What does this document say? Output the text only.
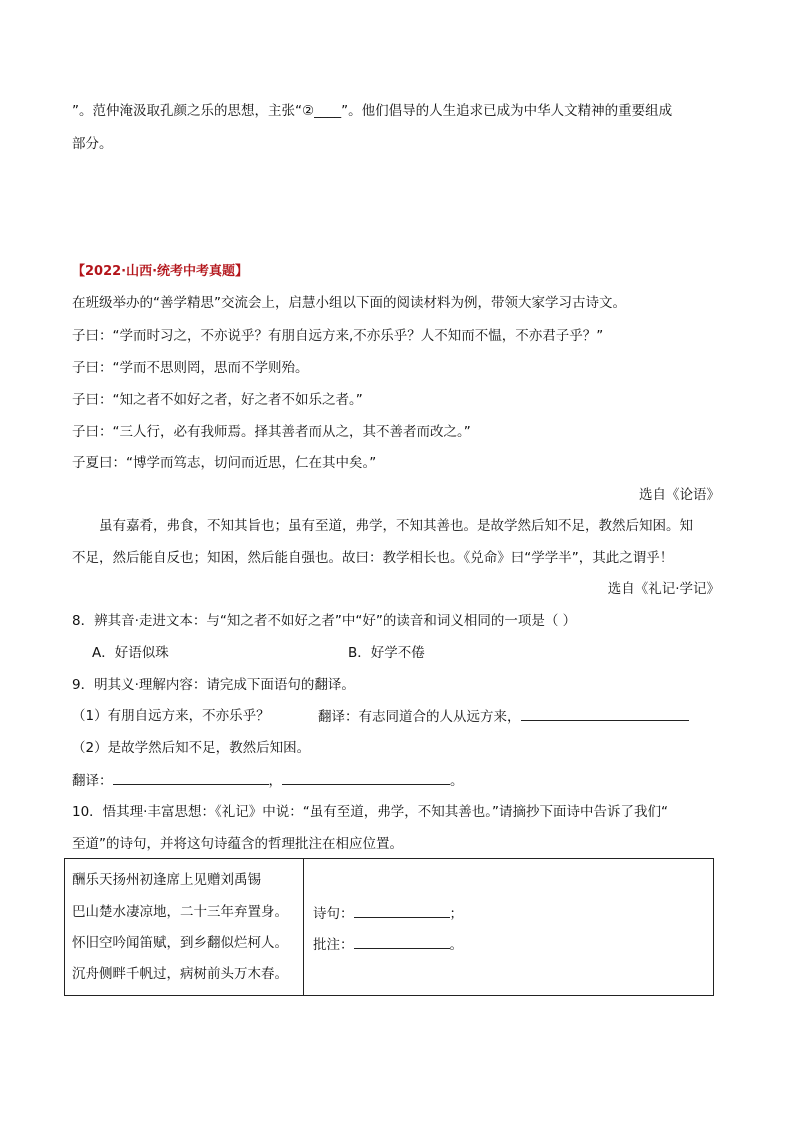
”。范仲淹汲取孔颜之乐的思想，主张“②____”。他们倡导的人生追求已成为中华人文精神的重要组成
部分。
【2022·山西·统考中考真题】
在班级举办的“善学精思”交流会上，启慧小组以下面的阅读材料为例，带领大家学习古诗文。
子曰：“学而时习之，不亦说乎？有朋自远方来,不亦乐乎？人不知而不愠，不亦君子乎？”
子曰：“学而不思则罔，思而不学则殆。
子曰：“知之者不如好之者，好之者不如乐之者。”
子曰：“三人行，必有我师焉。择其善者而从之，其不善者而改之。”
子夏曰：“博学而笃志，切问而近思，仁在其中矣。”
选自《论语》
虽有嘉肴，弗食，不知其旨也；虽有至道，弗学，不知其善也。是故学然后知不足，教然后知困。知
不足，然后能自反也；知困，然后能自强也。故曰：教学相长也。《兑命》曰“学学半”，其此之谓乎！
选自《礼记·学记》
8．辨其音·走进文本：与“知之者不如好之者”中“好”的读音和词义相同的一项是（ ）
A．好语似珠	B．好学不倦
9．明其义·理解内容：请完成下面语句的翻译。
（1）有朋自远方来，不亦乐乎？	翻译：有志同道合的人从远方来，
（2）是故学然后知不足，教然后知困。
翻译：	，	。
10．悟其理·丰富思想：《礼记》中说：“虽有至道，弗学，不知其善也。”请摘抄下面诗中告诉了我们“
至道”的诗句，并将这句诗蕴含的哲理批注在相应位置。

酬乐天扬州初逢席上见赠刘禹锡
巴山楚水凄凉地，二十三年弃置身。
怀旧空吟闻笛赋，到乡翻似烂柯人。
沉舟侧畔千帆过，病树前头万木春。
诗句：	；
批注：	。
